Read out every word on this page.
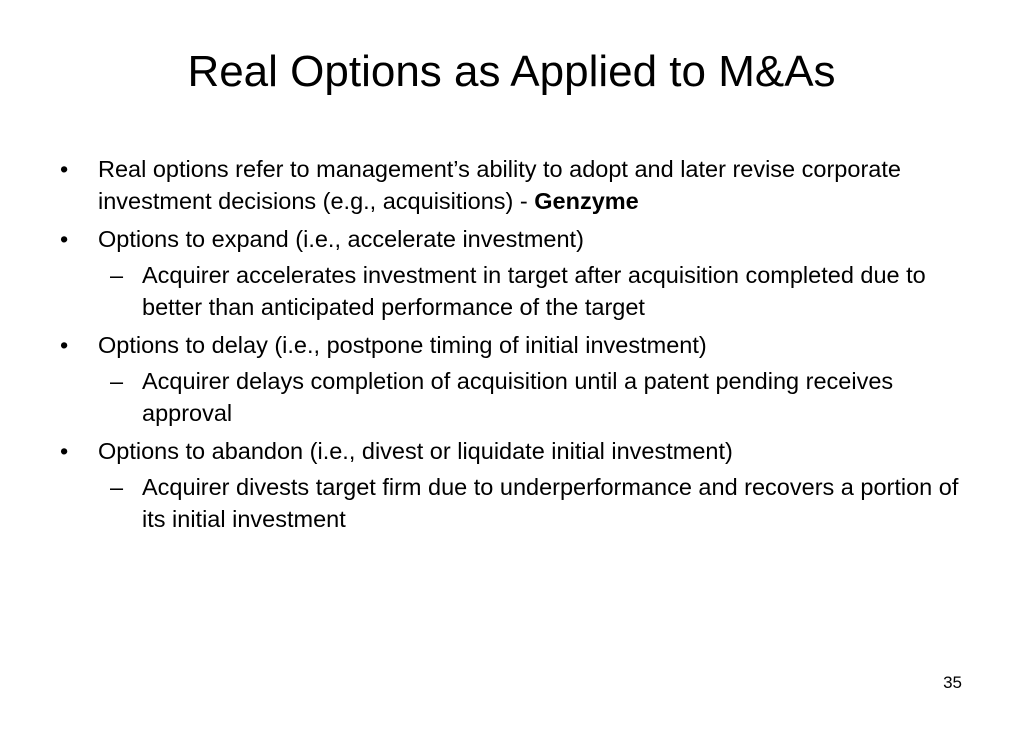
Real Options as Applied to M&As
• Real options refer to management’s ability to adopt and later revise corporate investment decisions (e.g., acquisitions) - Genzyme
• Options to expand (i.e., accelerate investment)
– Acquirer accelerates investment in target after acquisition completed due to better than anticipated performance of the target
• Options to delay (i.e., postpone timing of initial investment)
– Acquirer delays completion of acquisition until a patent pending receives approval
• Options to abandon (i.e., divest or liquidate initial investment)
– Acquirer divests target firm due to underperformance and recovers a portion of its initial investment
35
